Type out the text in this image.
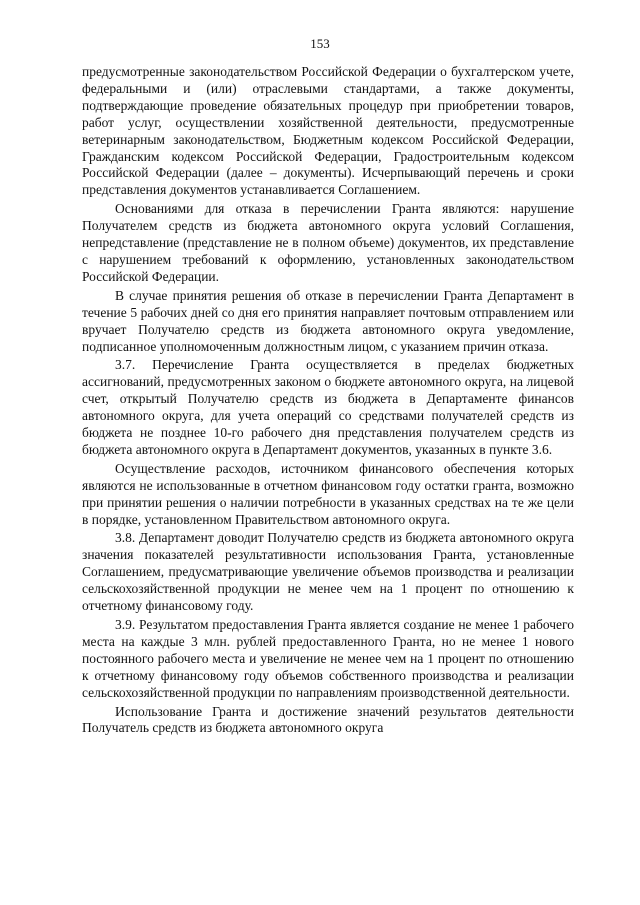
153

предусмотренные законодательством Российской Федерации о бухгалтерском учете, федеральными и (или) отраслевыми стандартами, а также документы, подтверждающие проведение обязательных процедур при приобретении товаров, работ услуг, осуществлении хозяйственной деятельности, предусмотренные ветеринарным законодательством, Бюджетным кодексом Российской Федерации, Гражданским кодексом Российской Федерации, Градостроительным кодексом Российской Федерации (далее – документы). Исчерпывающий перечень и сроки представления документов устанавливается Соглашением.

Основаниями для отказа в перечислении Гранта являются: нарушение Получателем средств из бюджета автономного округа условий Соглашения, непредставление (представление не в полном объеме) документов, их представление с нарушением требований к оформлению, установленных законодательством Российской Федерации.

В случае принятия решения об отказе в перечислении Гранта Департамент в течение 5 рабочих дней со дня его принятия направляет почтовым отправлением или вручает Получателю средств из бюджета автономного округа уведомление, подписанное уполномоченным должностным лицом, с указанием причин отказа.

3.7. Перечисление Гранта осуществляется в пределах бюджетных ассигнований, предусмотренных законом о бюджете автономного округа, на лицевой счет, открытый Получателю средств из бюджета в Департаменте финансов автономного округа, для учета операций со средствами получателей средств из бюджета не позднее 10-го рабочего дня представления получателем средств из бюджета автономного округа в Департамент документов, указанных в пункте 3.6.

Осуществление расходов, источником финансового обеспечения которых являются не использованные в отчетном финансовом году остатки гранта, возможно при принятии решения о наличии потребности в указанных средствах на те же цели в порядке, установленном Правительством автономного округа.

3.8. Департамент доводит Получателю средств из бюджета автономного округа значения показателей результативности использования Гранта, установленные Соглашением, предусматривающие увеличение объемов производства и реализации сельскохозяйственной продукции не менее чем на 1 процент по отношению к отчетному финансовому году.

3.9. Результатом предоставления Гранта является создание не менее 1 рабочего места на каждые 3 млн. рублей предоставленного Гранта, но не менее 1 нового постоянного рабочего места и увеличение не менее чем на 1 процент по отношению к отчетному финансовому году объемов собственного производства и реализации сельскохозяйственной продукции по направлениям производственной деятельности.

Использование Гранта и достижение значений результатов деятельности Получатель средств из бюджета автономного округа
